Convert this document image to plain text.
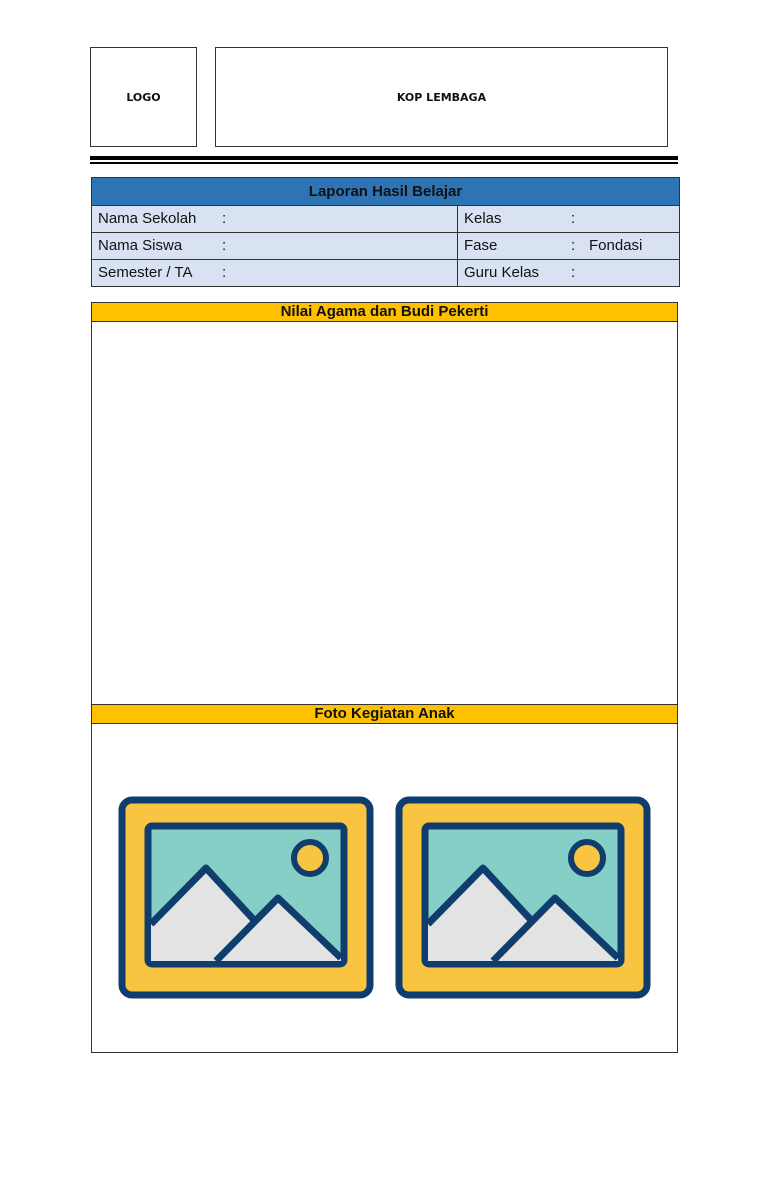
LOGO	KOP LEMBAGA
Laporan Hasil Belajar
Nama Sekolah :	Kelas	:
Nama Siswa	:	Fase	: Fondasi
Semester / TA :	Guru Kelas :
Nilai Agama dan Budi Pekerti
Foto Kegiatan Anak
